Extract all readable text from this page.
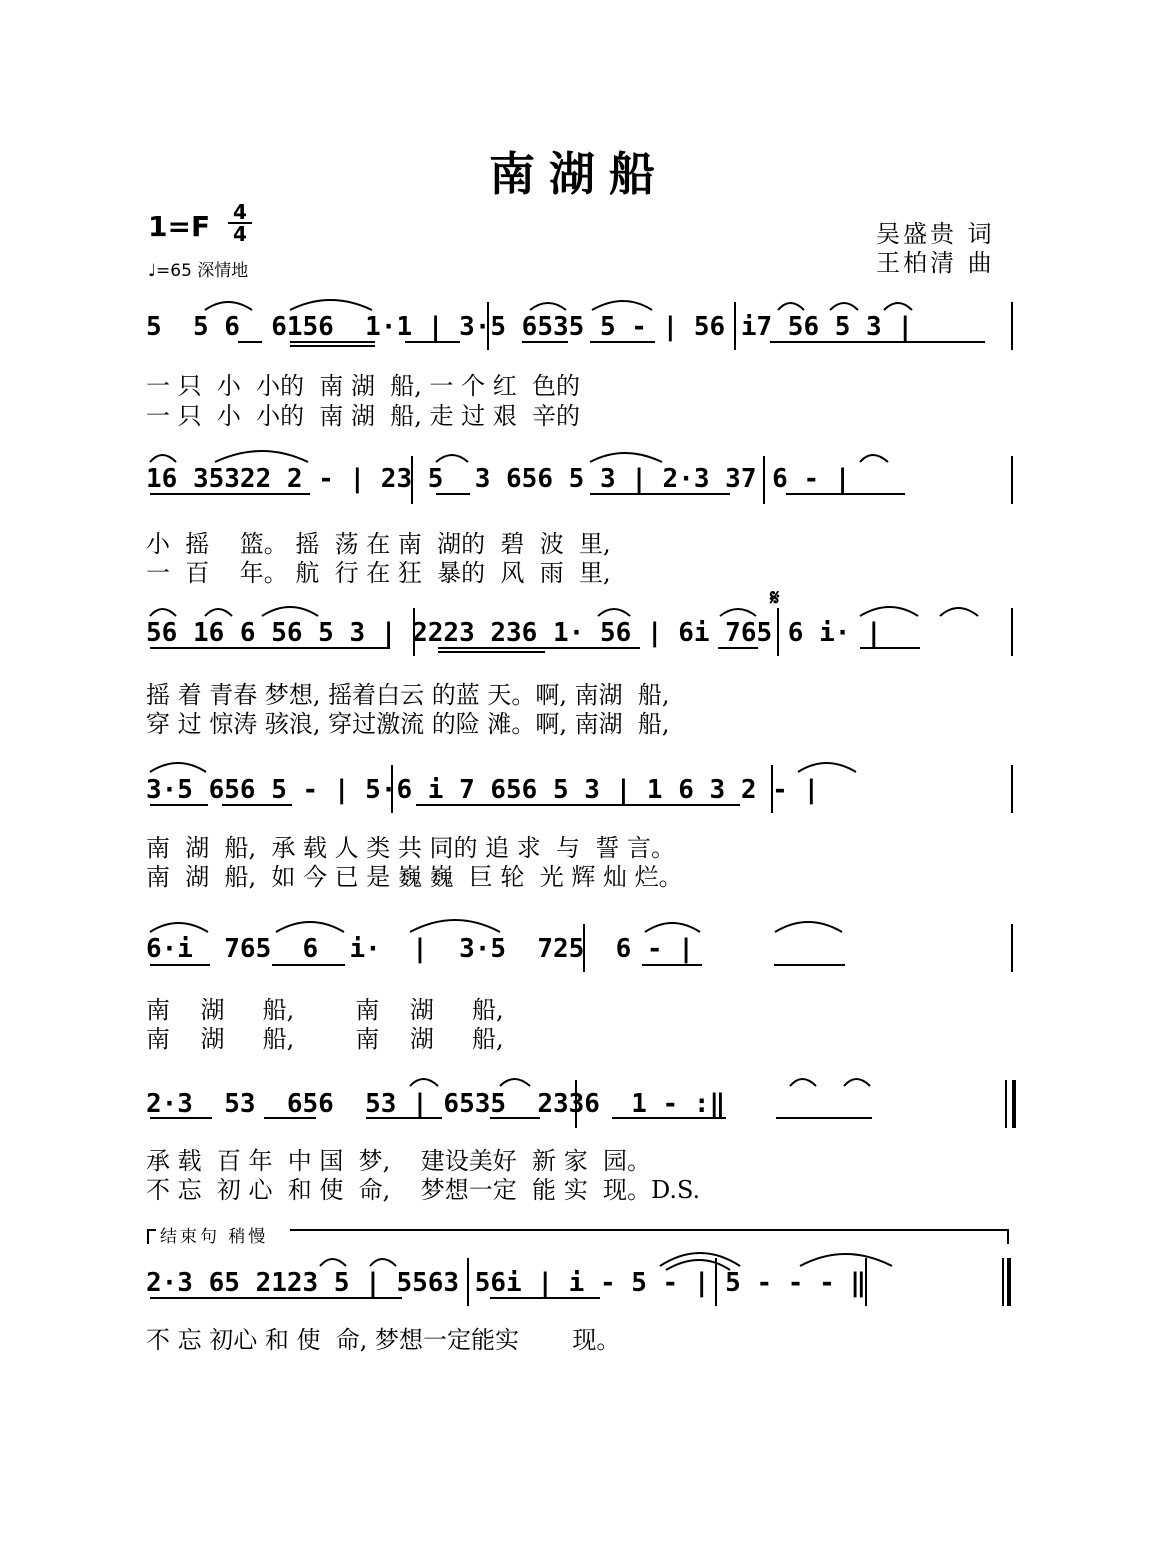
南湖船
1=F 4
4
♩=65 深情地
吴盛贵 词
王柏清 曲
5  5 6  6156  1·1 | 3·5 6535 5 - | 56 i7 56 5 3 |
一 只  小  小的  南 湖  船, 一 个 红  色的
一 只  小  小的  南 湖  船, 走 过 艰  辛的
16 35322 2 - | 23 5  3 656 5 3 | 2·3 37 6 - |
小  摇    篮。 摇  荡 在 南  湖的  碧  波  里,
一  百    年。 航  行 在 狂  暴的  风  雨  里,
𝄋
56 16 6 56 5 3 | 2223 236 1· 56 | 6i 765 6 i· |
摇 着 青春 梦想, 摇着白云 的蓝 天。啊, 南湖  船,
穿 过 惊涛 骇浪, 穿过激流 的险 滩。啊, 南湖  船,
3·5 656 5 - | 5·6 i 7 656 5 3 | 1 6 3 2 - |
南  湖  船,  承 载 人 类 共 同的 追 求  与  誓 言。
南  湖  船,  如 今 已 是 巍 巍  巨 轮  光 辉 灿 烂。
6·i  765  6  i·  |  3·5  725  6 - |
南    湖     船,        南    湖     船,
南    湖     船,        南    湖     船,
2·3  53  656  53 | 6535  2336  1 - :‖
承 载  百 年  中 国  梦,    建设美好  新 家  园。
不 忘  初 心  和 使  命,    梦想一定  能 实  现。D.S.
结束句 稍慢
2·3 65 2123 5 | 5563 56i | i - 5 - | 5 - - - ‖
不 忘 初心 和 使  命, 梦想一定能实       现。
